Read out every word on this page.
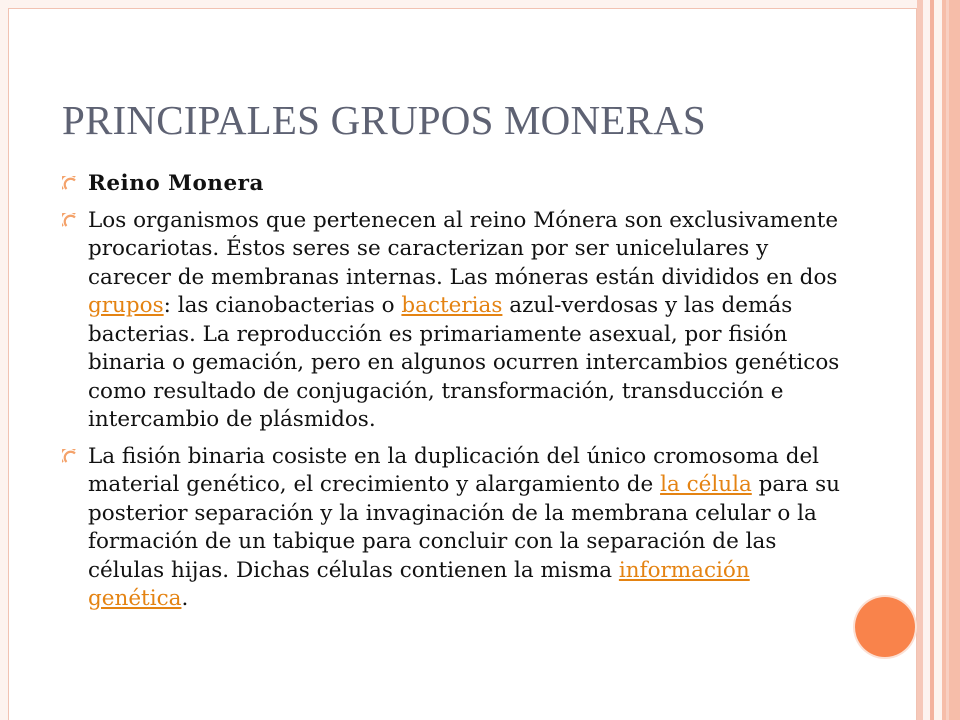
PRINCIPALES GRUPOS MONERAS
Reino Monera
Los organismos que pertenecen al reino Mónera son exclusivamente procariotas. Éstos seres se caracterizan por ser unicelulares y carecer de membranas internas. Las móneras están divididos en dos grupos: las cianobacterias o bacterias azul-verdosas y las demás bacterias. La reproducción es primariamente asexual, por fisión binaria o gemación, pero en algunos ocurren intercambios genéticos como resultado de conjugación, transformación, transducción e intercambio de plásmidos.
La fisión binaria cosiste en la duplicación del único cromosoma del material genético, el crecimiento y alargamiento de la célula para su posterior separación y la invaginación de la membrana celular o la formación de un tabique para concluir con la separación de las células hijas. Dichas células contienen la misma información genética.
